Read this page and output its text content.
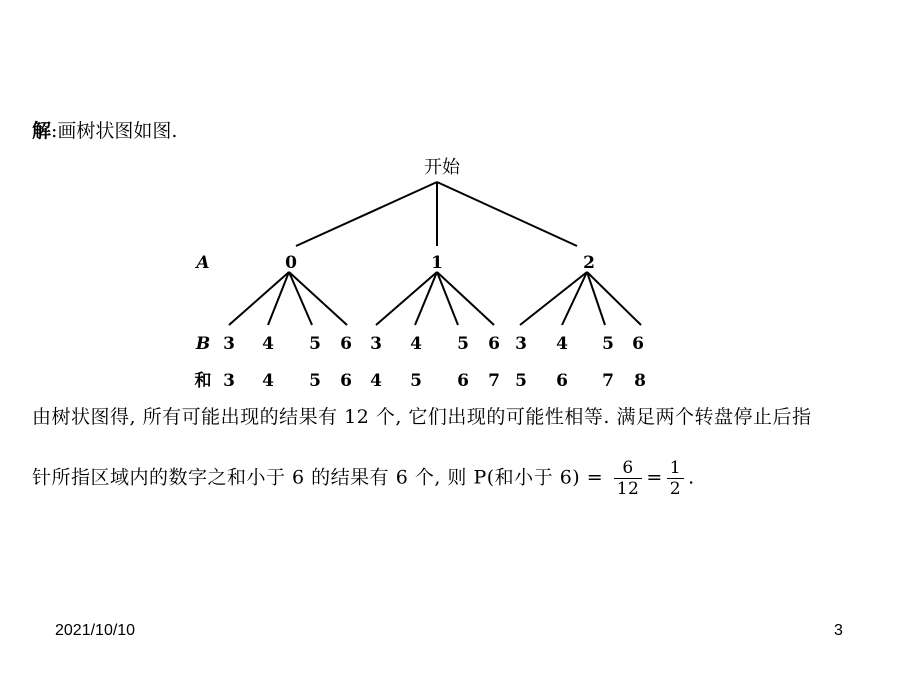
解:画树状图如图.
开始
A	0	1	2
B 3 4 5 6 3 4 5 6 3 4 5 6
和 3 4 5 6 4 5 6 7 5 6 7 8
由树状图得, 所有可能出现的结果有 12 个, 它们出现的可能性相等. 满足两个转盘停止后指
针所指区域内的数字之和小于 6 的结果有 6 个, 则 P(和小于 $6) = \frac{6}{12} = \frac{1}{2}$ .
2021/10/10	3
